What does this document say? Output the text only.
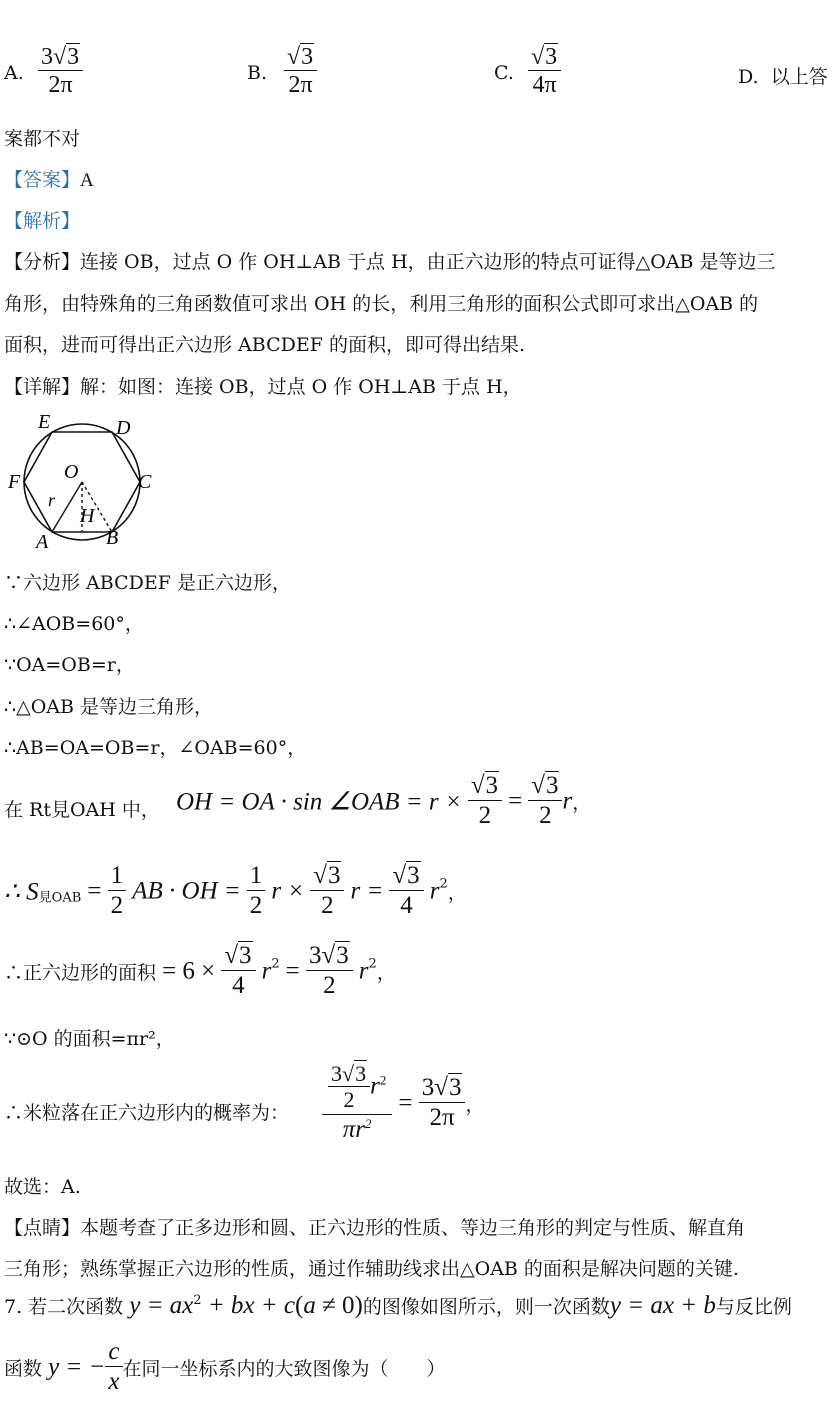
A. $\frac{3√3}{2\pi}$	B. $\frac{√3}{2\pi}$	C. $\frac{√3}{4\pi}$	D. 以上答
案都不对
【答案】A
【解析】
【分析】连接 OB，过点 O 作 OH⊥AB 于点 H，由正六边形的特点可证得△OAB 是等边三
角形，由特殊角的三角函数值可求出 OH 的长，利用三角形的面积公式即可求出△OAB 的
面积，进而可得出正六边形 ABCDEF 的面积，即可得出结果.
【详解】解：如图：连接 OB，过点 O 作 OH⊥AB 于点 H，
E	D
F	C
O
r
H
A	B
∵六边形 ABCDEF 是正六边形，
∴∠AOB=60°，
∵OA=OB=r，
∴△OAB 是等边三角形，
∴AB=OA=OB=r，∠OAB=60°，
在 Rt見OAH 中， OH = OA · sin ∠OAB = $r \times \frac{√3}{2} = \frac{√3}{2}$ r，
∴ $S_{見OAB} = \frac{1}{2}$ AB · OH = $\frac{1}{2}$ $r \times \frac{√3}{2}$ $r = \frac{√3}{4} r^2$，
∴正六边形的面积 = $6 \times \frac{√3}{4} r^2 = \frac{3√3}{2} r^2$，
∵⊙O 的面积=πr²，
∴米粒落在正六边形内的概率为： $\frac{\frac{3√3}{2} r^2}{\pi r^2} = \frac{3√3}{2\pi}$ ，
故选：A.
【点睛】本题考查了正多边形和圆、正六边形的性质、等边三角形的判定与性质、解直角
三角形；熟练掌握正六边形的性质，通过作辅助线求出△OAB 的面积是解决问题的关键.
7. 若二次函数 $y = ax^2$ + bx + c(a ≠ 0)的图像如图所示，则一次函数y = ax + b与反比例
函数 y = − $\frac{c}{x}$ 在同一坐标系内的大致图像为（　　）
